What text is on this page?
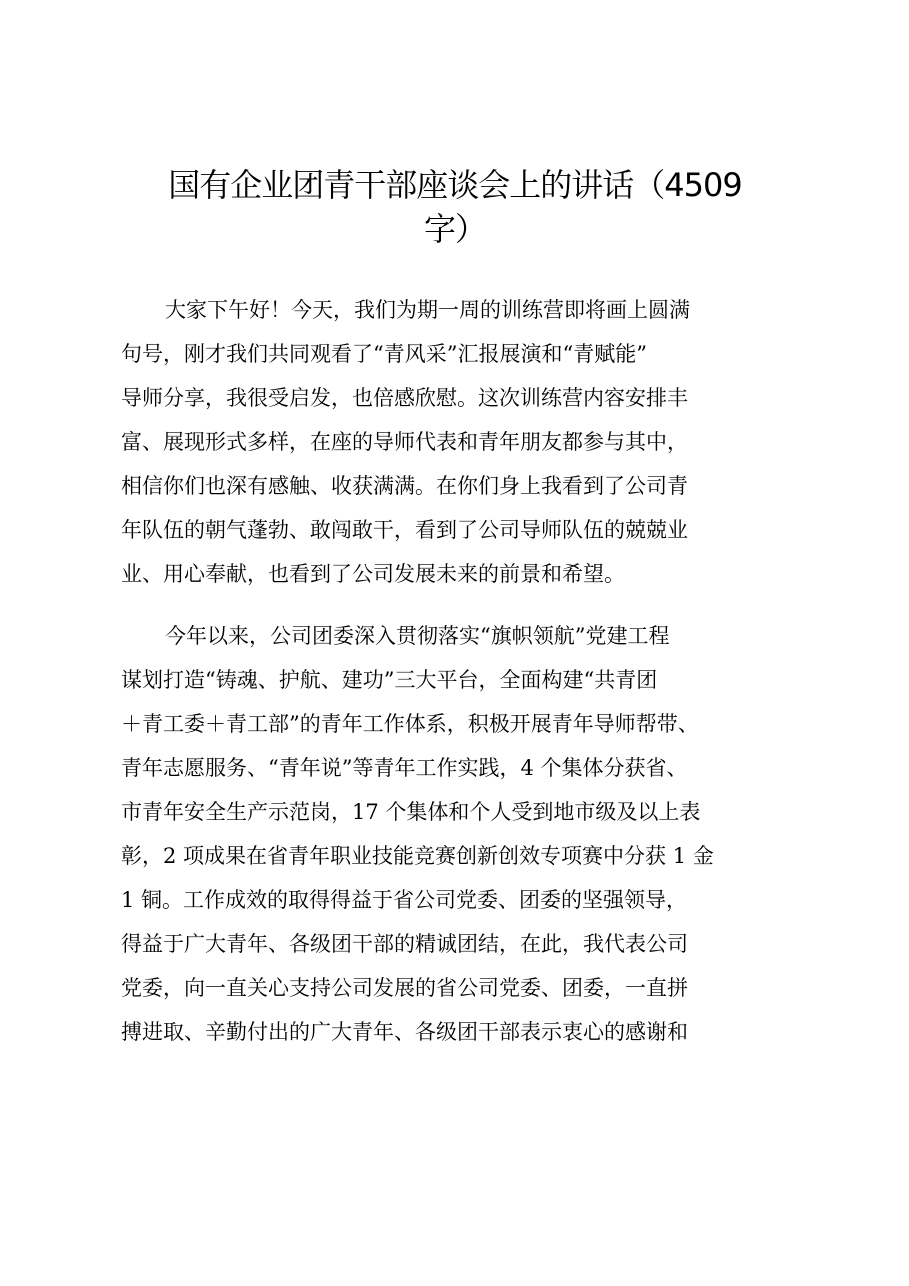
国有企业团青干部座谈会上的讲话（4509
字）
大家下午好！今天，我们为期一周的训练营即将画上圆满
句号，刚才我们共同观看了“青风采”汇报展演和“青赋能”
导师分享，我很受启发，也倍感欣慰。这次训练营内容安排丰
富、展现形式多样，在座的导师代表和青年朋友都参与其中，
相信你们也深有感触、收获满满。在你们身上我看到了公司青
年队伍的朝气蓬勃、敢闯敢干，看到了公司导师队伍的兢兢业
业、用心奉献，也看到了公司发展未来的前景和希望。
今年以来，公司团委深入贯彻落实“旗帜领航”党建工程
谋划打造“铸魂、护航、建功”三大平台，全面构建“共青团
＋青工委＋青工部”的青年工作体系，积极开展青年导师帮带、
青年志愿服务、“青年说”等青年工作实践，4 个集体分获省、
市青年安全生产示范岗，17 个集体和个人受到地市级及以上表
彰，2 项成果在省青年职业技能竞赛创新创效专项赛中分获 1 金
1 铜。工作成效的取得得益于省公司党委、团委的坚强领导，
得益于广大青年、各级团干部的精诚团结，在此，我代表公司
党委，向一直关心支持公司发展的省公司党委、团委，一直拼
搏进取、辛勤付出的广大青年、各级团干部表示衷心的感谢和
